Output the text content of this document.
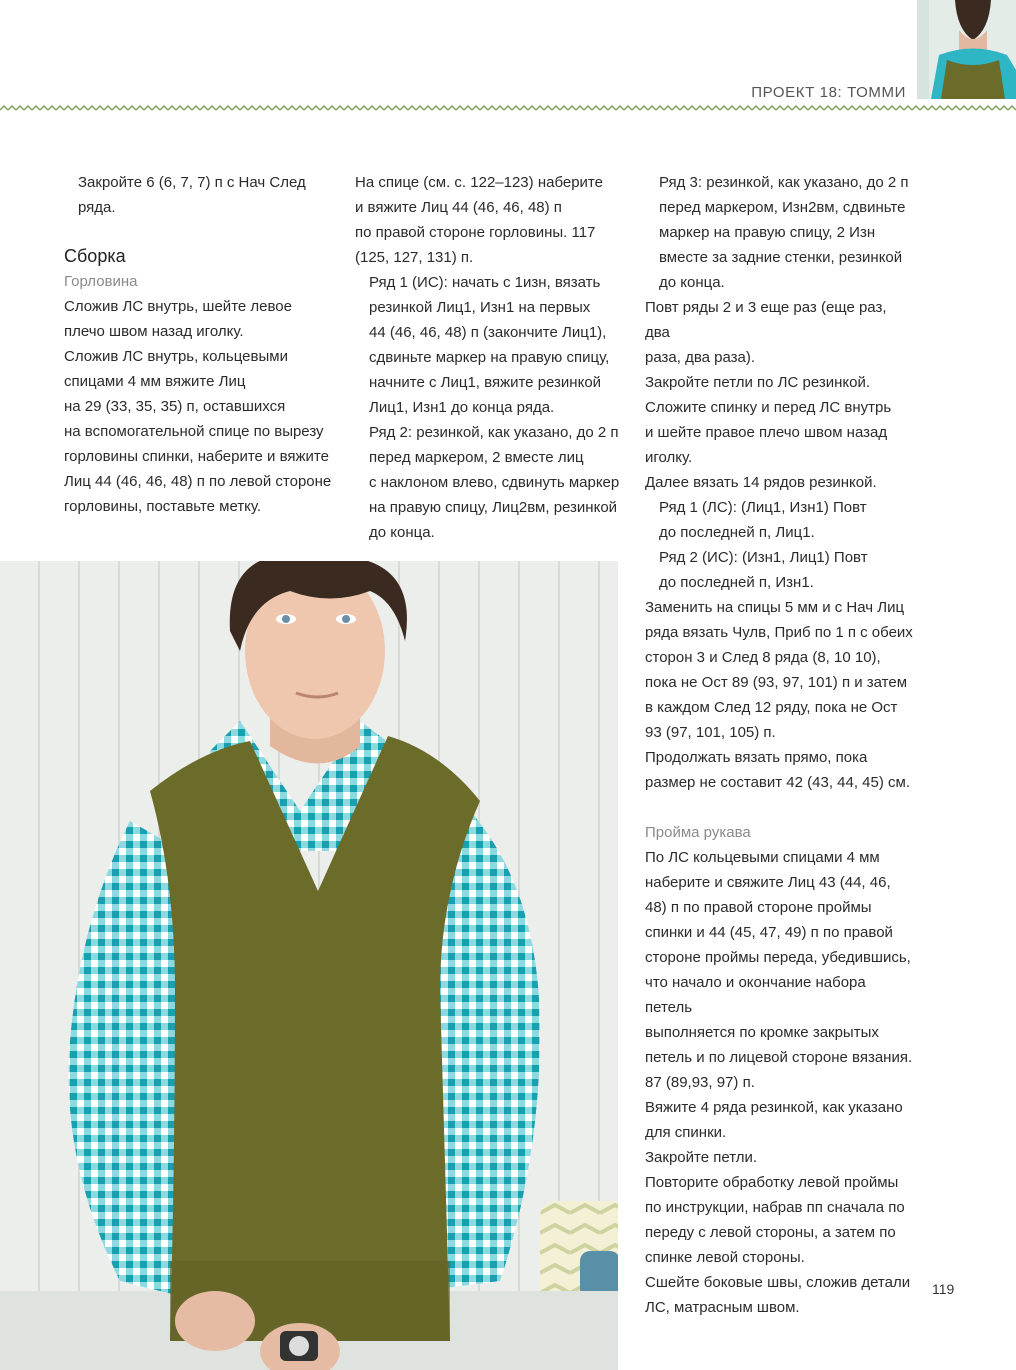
ПРОЕКТ 18: ТОММИ

Закройте 6 (6, 7, 7) п с Нач След

ряда.

Сборка

Горловина

Сложив ЛС внутрь, шейте левое

плечо швом назад иголку.

Сложив ЛС внутрь, кольцевыми

спицами 4 мм вяжите Лиц

на 29 (33, 35, 35) п, оставшихся

на вспомогательной спице по вырезу

горловины спинки, наберите и вяжите

Лиц 44 (46, 46, 48) п по левой стороне

горловины, поставьте метку.

На спице (см. с. 122–123) наберите

и вяжите Лиц 44 (46, 46, 48) п

по правой стороне горловины. 117

(125, 127, 131) п.

Ряд 1 (ИС): начать с 1изн, вязать

резинкой Лиц1, Изн1 на первых

44 (46, 46, 48) п (закончите Лиц1),

сдвиньте маркер на правую спицу,

начните с Лиц1, вяжите резинкой

Лиц1, Изн1 до конца ряда.

Ряд 2: резинкой, как указано, до 2 п

перед маркером, 2 вместе лиц

с наклоном влево, сдвинуть маркер

на правую спицу, Лиц2вм, резинкой

до конца.

Ряд 3: резинкой, как указано, до 2 п

перед маркером, Изн2вм, сдвиньте

маркер на правую спицу, 2 Изн

вместе за задние стенки, резинкой

до конца.

Повт ряды 2 и 3 еще раз (еще раз, два

раза, два раза).

Закройте петли по ЛС резинкой.

Сложите спинку и перед ЛС внутрь

и шейте правое плечо швом назад

иголку.

Далее вязать 14 рядов резинкой.

Ряд 1 (ЛС): (Лиц1, Изн1) Повт

до последней п, Лиц1.

Ряд 2 (ИС): (Изн1, Лиц1) Повт

до последней п, Изн1.

Заменить на спицы 5 мм и с Нач Лиц

ряда вязать Чулв, Приб по 1 п с обеих

сторон 3 и След 8 ряда (8, 10 10),

пока не Ост 89 (93, 97, 101) п и затем

в каждом След 12 ряду, пока не Ост

93 (97, 101, 105) п.

Продолжать вязать прямо, пока

размер не составит 42 (43, 44, 45) см.

Пройма рукава

По ЛС кольцевыми спицами 4 мм

наберите и свяжите Лиц 43 (44, 46,

48) п по правой стороне проймы

спинки и 44 (45, 47, 49) п по правой

стороне проймы переда, убедившись,

что начало и окончание набора петель

выполняется по кромке закрытых

петель и по лицевой стороне вязания.

87 (89,93, 97) п.

Вяжите 4 ряда резинкой, как указано

для спинки.

Закройте петли.

Повторите обработку левой проймы

по инструкции, набрав пп сначала по

переду с левой стороны, а затем по

спинке левой стороны.

Сшейте боковые швы, сложив детали

ЛС, матрасным швом.

119
